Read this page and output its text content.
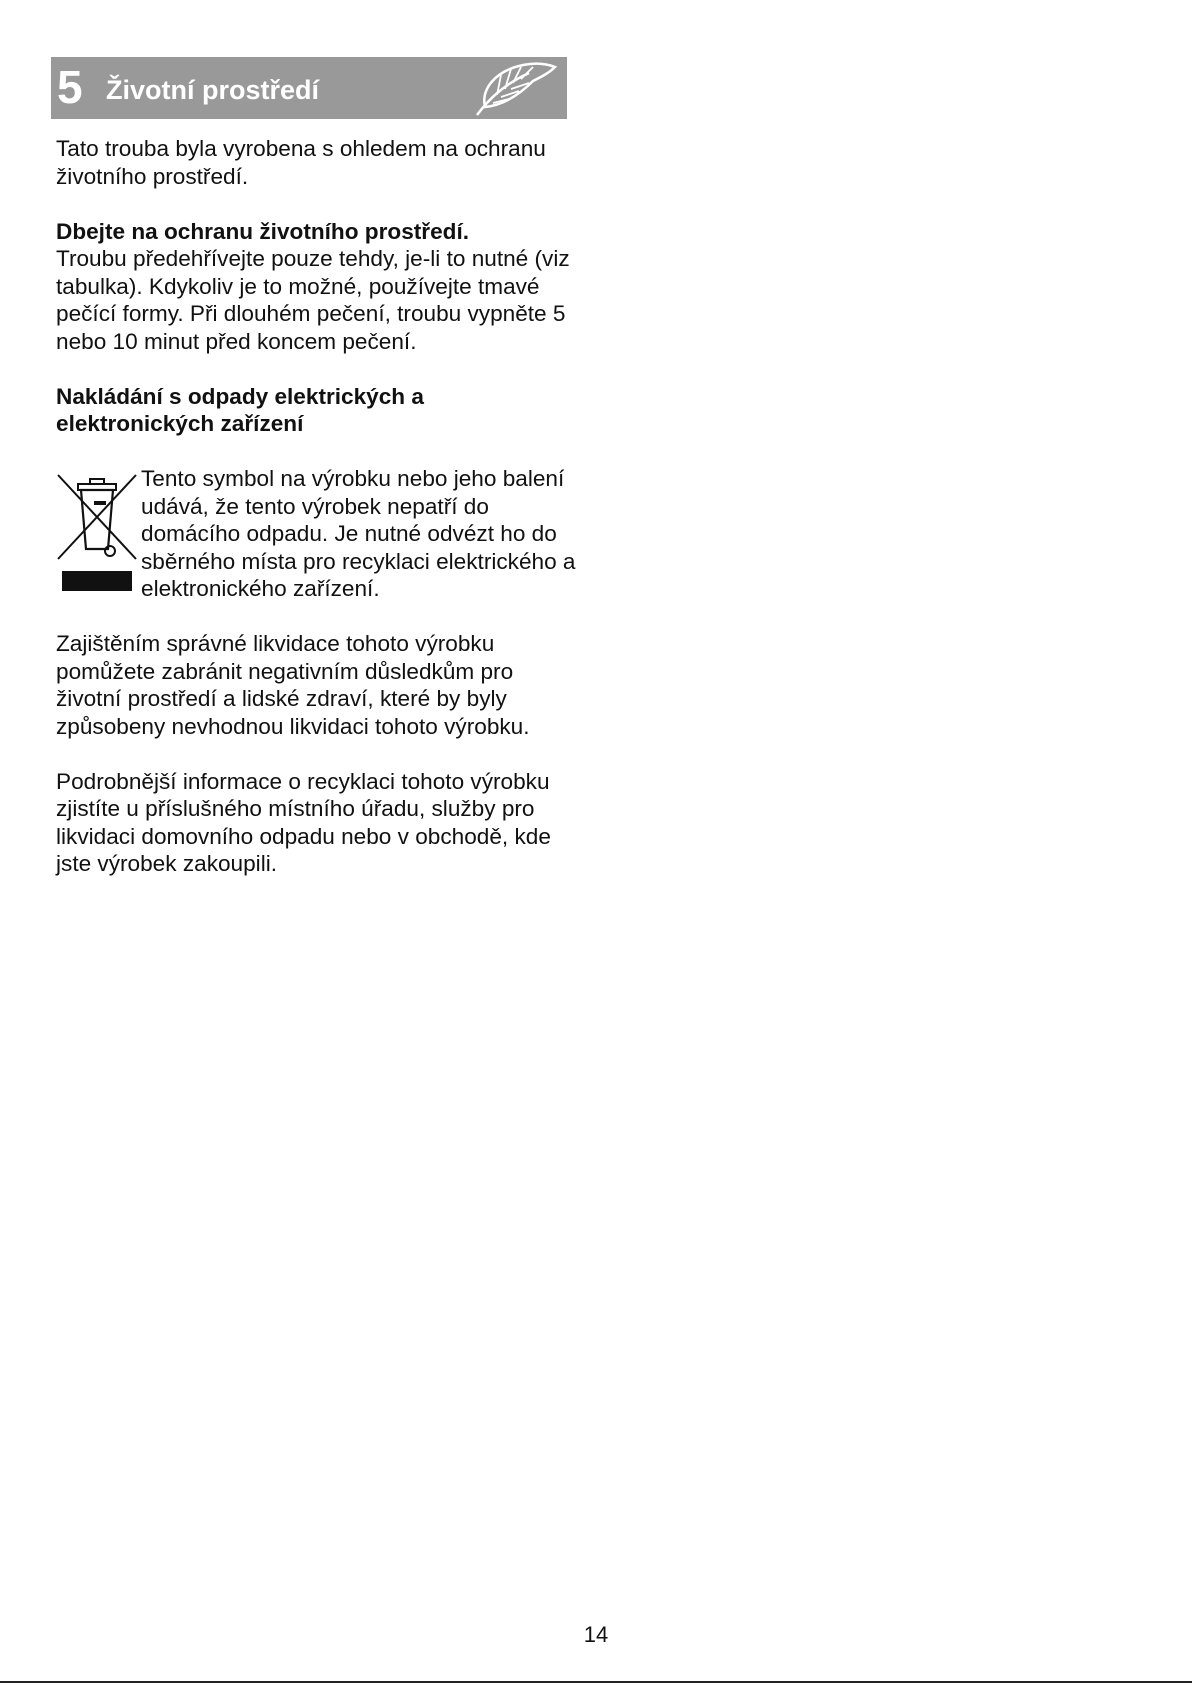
5 Životní prostředí

Tato trouba byla vyrobena s ohledem na ochranu životního prostředí.

Dbejte na ochranu životního prostředí.
Troubu předehřívejte pouze tehdy, je-li to nutné (viz tabulka). Kdykoliv je to možné, používejte tmavé pečící formy. Při dlouhém pečení, troubu vypněte 5 nebo 10 minut před koncem pečení.

Nakládání s odpady elektrických a elektronických zařízení

Tento symbol na výrobku nebo jeho balení udává, že tento výrobek nepatří do domácího odpadu. Je nutné odvézt ho do sběrného místa pro recyklaci elektrického a elektronického zařízení.

Zajištěním správné likvidace tohoto výrobku pomůžete zabránit negativním důsledkům pro životní prostředí a lidské zdraví, které by byly způsobeny nevhodnou likvidaci tohoto výrobku.

Podrobnější informace o recyklaci tohoto výrobku zjistíte u příslušného místního úřadu, služby pro likvidaci domovního odpadu nebo v obchodě, kde jste výrobek zakoupili.

14
